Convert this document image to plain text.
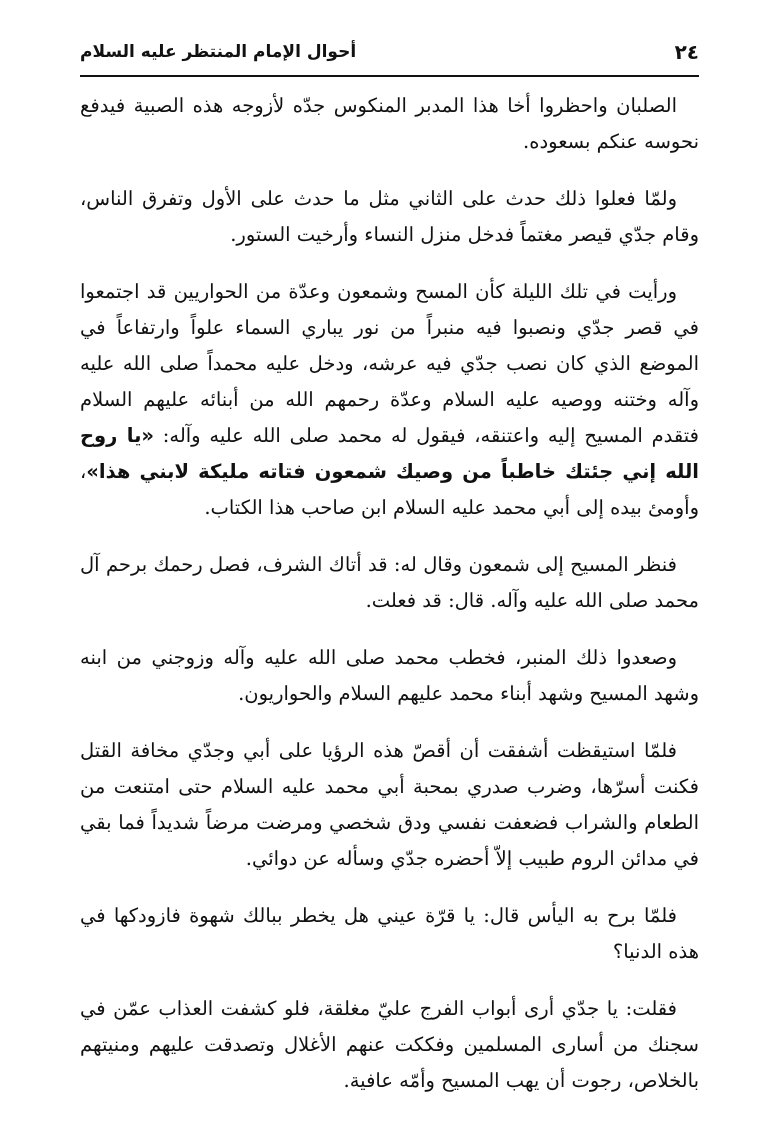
٢٤
أحوال الإمام المنتظر عليه السلام

الصلبان واحظروا أخا هذا المدبر المنكوس جدّه لأزوجه هذه الصبية فيدفع نحوسه عنكم بسعوده.

ولمّا فعلوا ذلك حدث على الثاني مثل ما حدث على الأول وتفرق الناس، وقام جدّي قيصر مغتماً فدخل منزل النساء وأرخيت الستور.

ورأيت في تلك الليلة كأن المسح وشمعون وعدّة من الحواريين قد اجتمعوا في قصر جدّي ونصبوا فيه منبراً من نور يباري السماء علواً وارتفاعاً في الموضع الذي كان نصب جدّي فيه عرشه، ودخل عليه محمداً صلى الله عليه وآله وختنه ووصيه عليه السلام وعدّة رحمهم الله من أبنائه عليهم السلام فتقدم المسيح إليه واعتنقه، فيقول له محمد صلى الله عليه وآله: «يا روح الله إني جئتك خاطباً من وصيك شمعون فتاته مليكة لابني هذا»، وأومئ بيده إلى أبي محمد عليه السلام ابن صاحب هذا الكتاب.

فنظر المسيح إلى شمعون وقال له: قد أتاك الشرف، فصل رحمك برحم آل محمد صلى الله عليه وآله. قال: قد فعلت.

وصعدوا ذلك المنبر، فخطب محمد صلى الله عليه وآله وزوجني من ابنه وشهد المسيح وشهد أبناء محمد عليهم السلام والحواريون.

فلمّا استيقظت أشفقت أن أقصّ هذه الرؤيا على أبي وجدّي مخافة القتل فكنت أسرّها، وضرب صدري بمحبة أبي محمد عليه السلام حتى امتنعت من الطعام والشراب فضعفت نفسي ودق شخصي ومرضت مرضاً شديداً فما بقي في مدائن الروم طبيب إلاّ أحضره جدّي وسأله عن دوائي.

فلمّا برح به اليأس قال: يا قرّة عيني هل يخطر ببالك شهوة فازودكها في هذه الدنيا؟

فقلت: يا جدّي أرى أبواب الفرج عليّ مغلقة، فلو كشفت العذاب عمّن في سجنك من أسارى المسلمين وفككت عنهم الأغلال وتصدقت عليهم ومنيتهم بالخلاص، رجوت أن يهب المسيح وأمّه عافية.
